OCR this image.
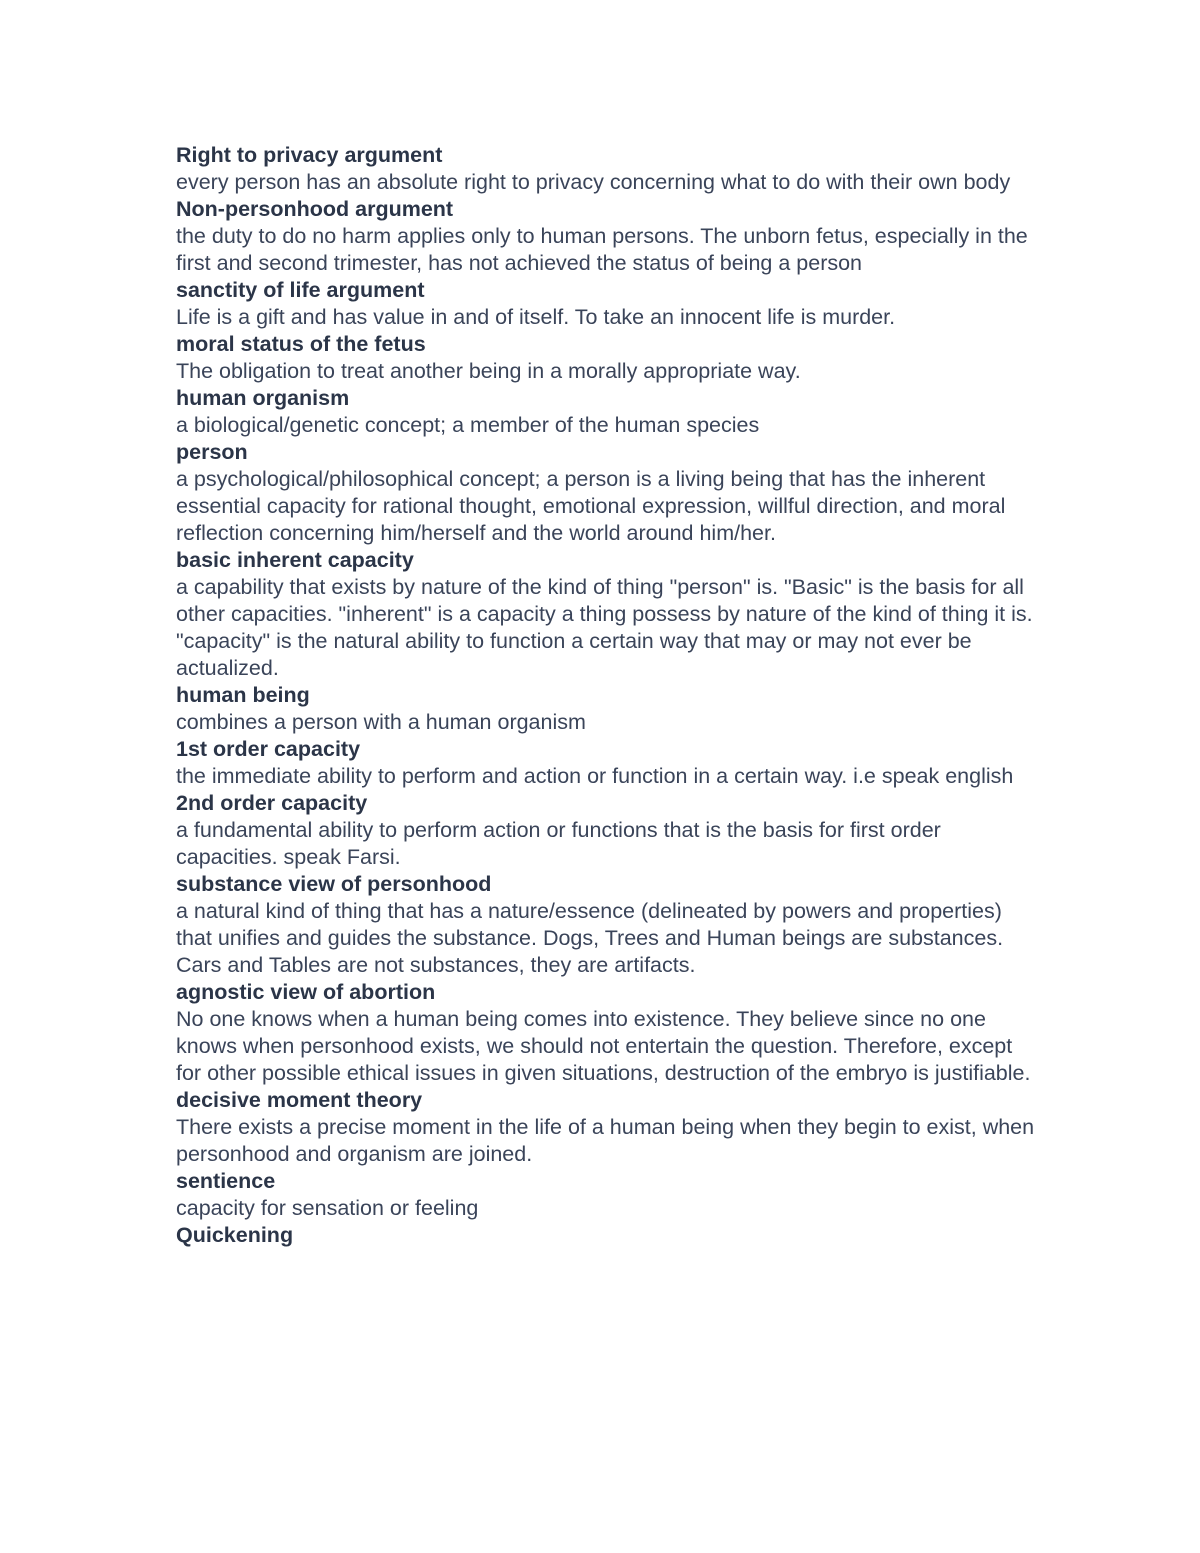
Right to privacy argument
every person has an absolute right to privacy concerning what to do with their own body
Non-personhood argument
the duty to do no harm applies only to human persons. The unborn fetus, especially in the first and second trimester, has not achieved the status of being a person
sanctity of life argument
Life is a gift and has value in and of itself. To take an innocent life is murder.
moral status of the fetus
The obligation to treat another being in a morally appropriate way.
human organism
a biological/genetic concept; a member of the human species
person
a psychological/philosophical concept; a person is a living being that has the inherent essential capacity for rational thought, emotional expression, willful direction, and moral reflection concerning him/herself and the world around him/her.
basic inherent capacity
a capability that exists by nature of the kind of thing "person" is. "Basic" is the basis for all other capacities. "inherent" is a capacity a thing possess by nature of the kind of thing it is. "capacity" is the natural ability to function a certain way that may or may not ever be actualized.
human being
combines a person with a human organism
1st order capacity
the immediate ability to perform and action or function in a certain way. i.e speak english
2nd order capacity
a fundamental ability to perform action or functions that is the basis for first order capacities. speak Farsi.
substance view of personhood
a natural kind of thing that has a nature/essence (delineated by powers and properties) that unifies and guides the substance. Dogs, Trees and Human beings are substances. Cars and Tables are not substances, they are artifacts.
agnostic view of abortion
No one knows when a human being comes into existence. They believe since no one knows when personhood exists, we should not entertain the question. Therefore, except for other possible ethical issues in given situations, destruction of the embryo is justifiable.
decisive moment theory
There exists a precise moment in the life of a human being when they begin to exist, when personhood and organism are joined.
sentience
capacity for sensation or feeling
Quickening
